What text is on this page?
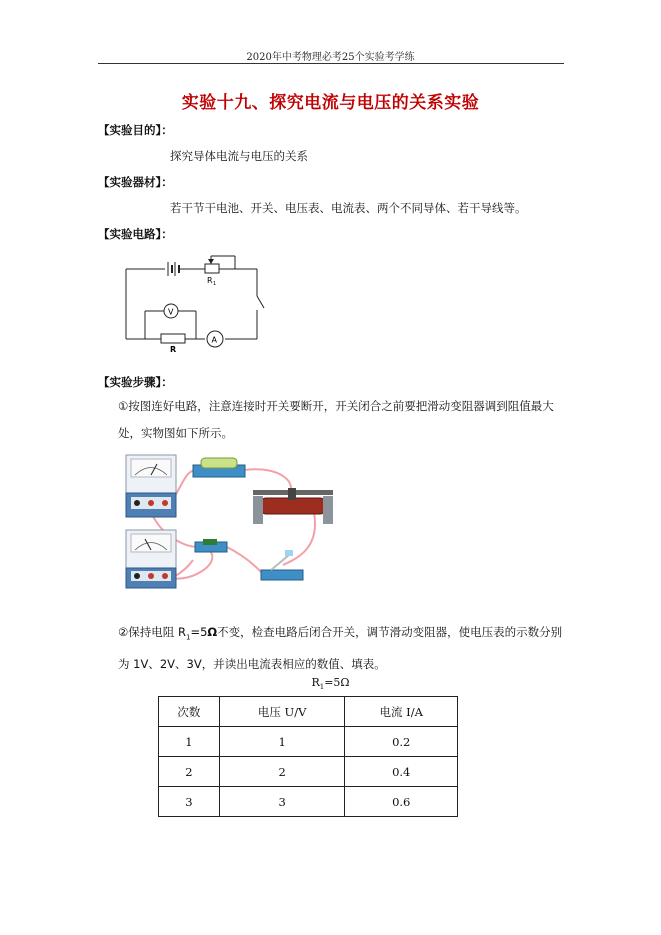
2020年中考物理必考25个实验考学练
实验十九、探究电流与电压的关系实验
【实验目的】：
探究导体电流与电压的关系
【实验器材】：
若干节干电池、开关、电压表、电流表、两个不同导体、若干导线等。
【实验电路】：
R 1
V
R
A
【实验步骤】：
①按图连好电路，注意连接时开关要断开，开关闭合之前要把滑动变阻器调到阻值最大处，实物图如下所示。
②保持电阻 $R_1=5\Omega$不变，检查电路后闭合开关，调节滑动变阻器，使电压表的示数分别为 1V、2V、3V，并读出电流表相应的数值、填表。
$R_1=5\Omega$
次数	电压 U/V	电流 I/A
1	1	0.2
2	2	0.4
3	3	0.6
